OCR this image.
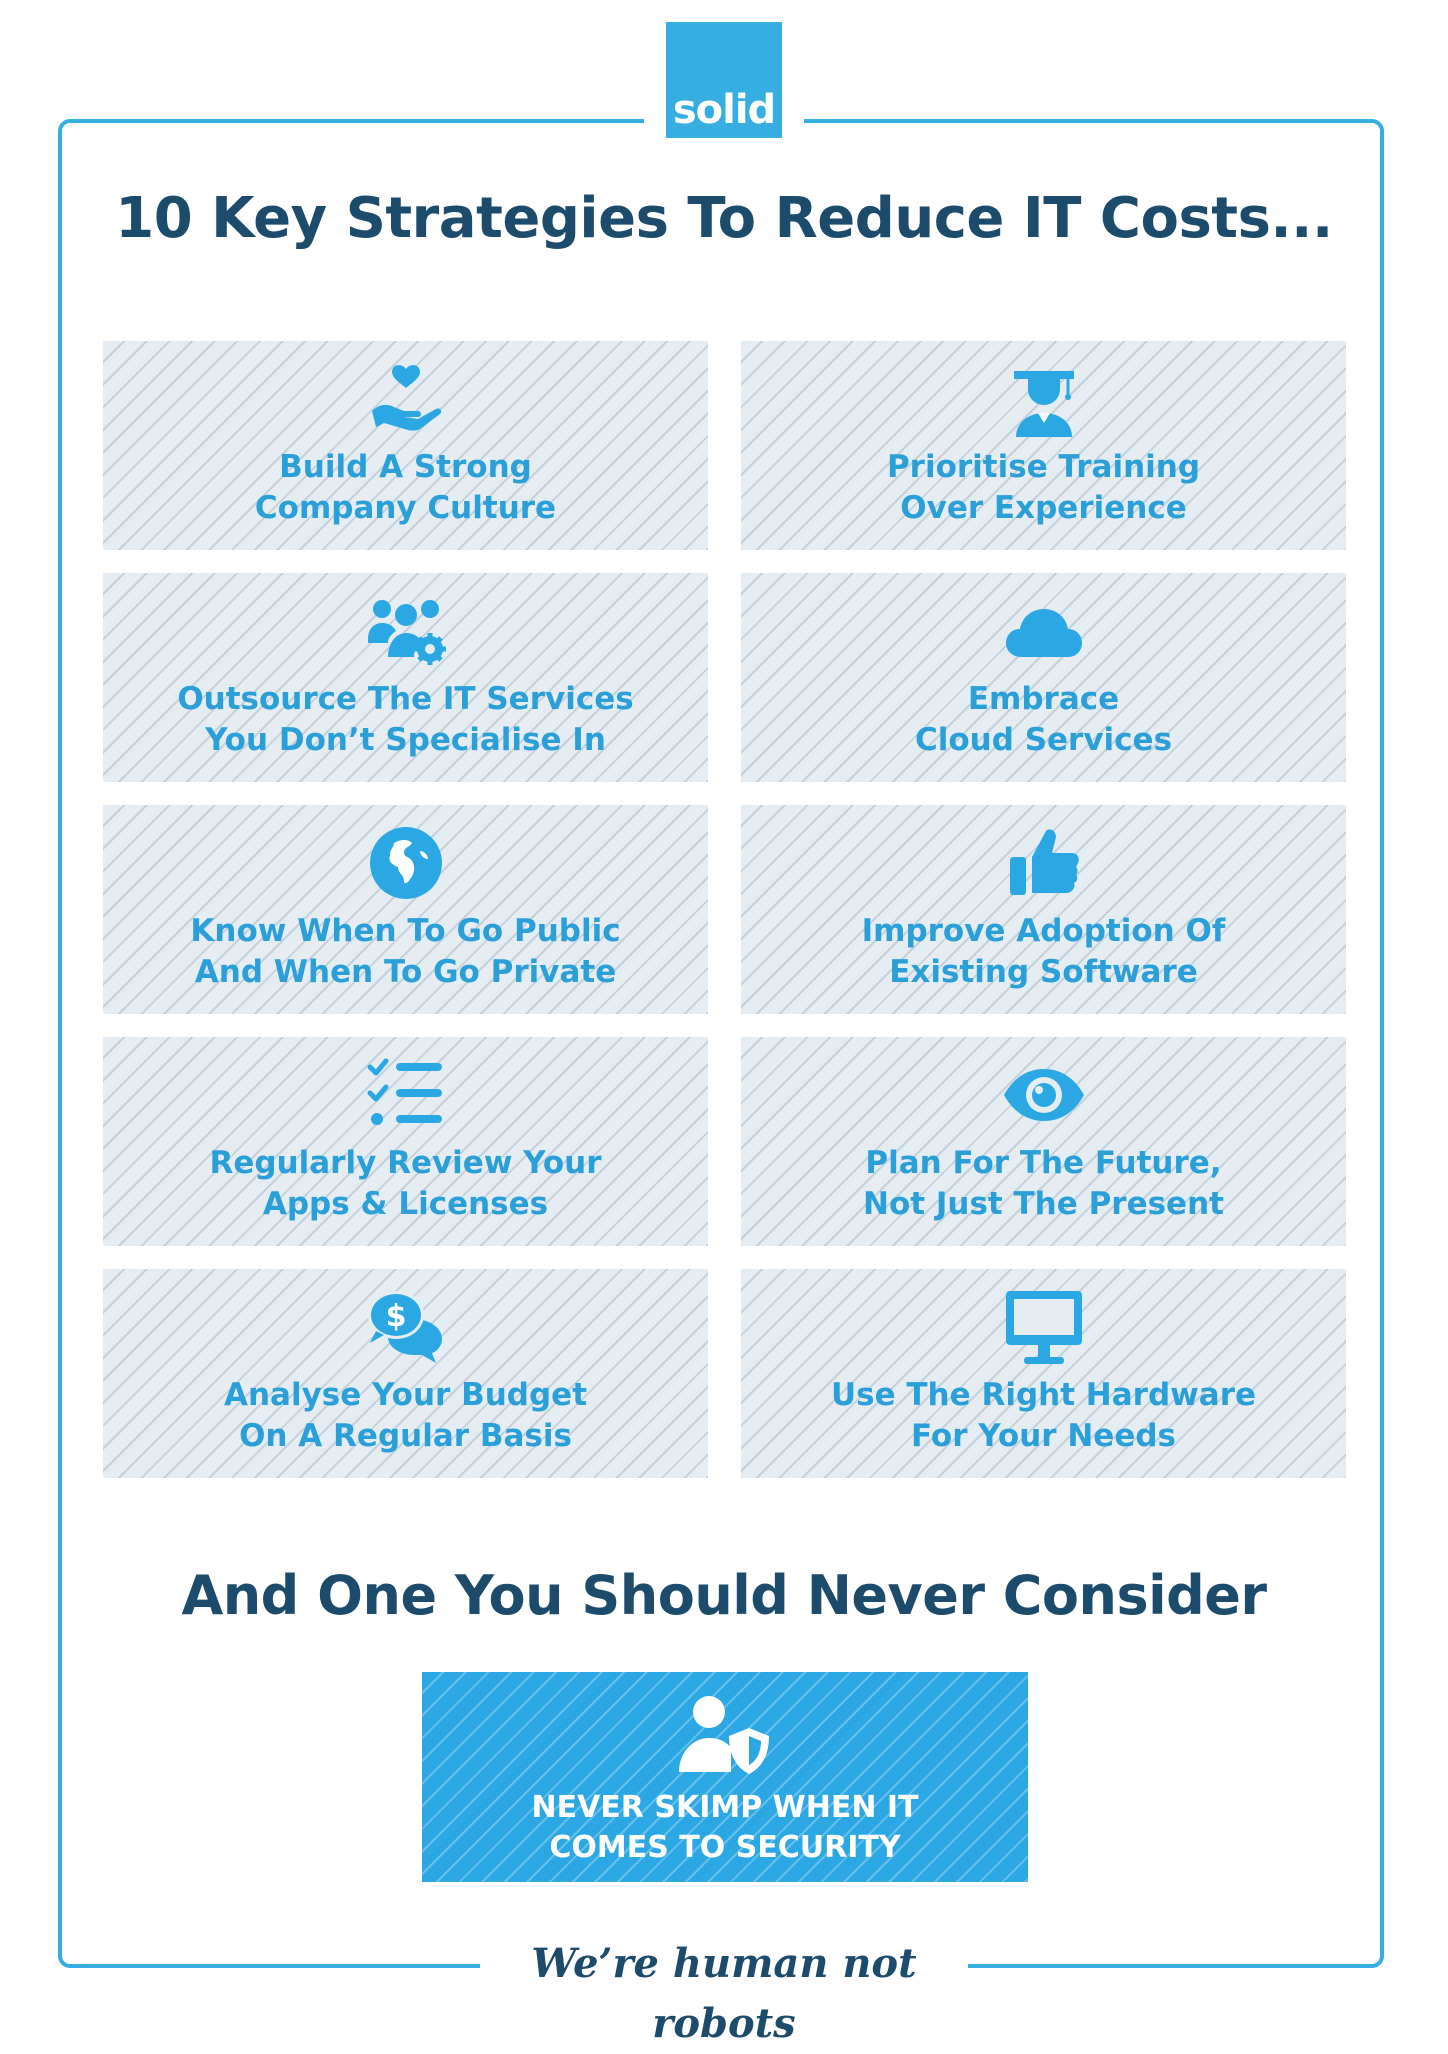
solid
10 Key Strategies To Reduce IT Costs...
Build A Strong
Company Culture
Prioritise Training
Over Experience
Outsource The IT Services
You Don’t Specialise In
Embrace
Cloud Services
Know When To Go Public
And When To Go Private
Improve Adoption Of
Existing Software
Regularly Review Your
Apps & Licenses
Plan For The Future,
Not Just The Present
$
Analyse Your Budget
On A Regular Basis
Use The Right Hardware
For Your Needs
And One You Should Never Consider
NEVER SKIMP WHEN IT
COMES TO SECURITY
We’re human not robots
